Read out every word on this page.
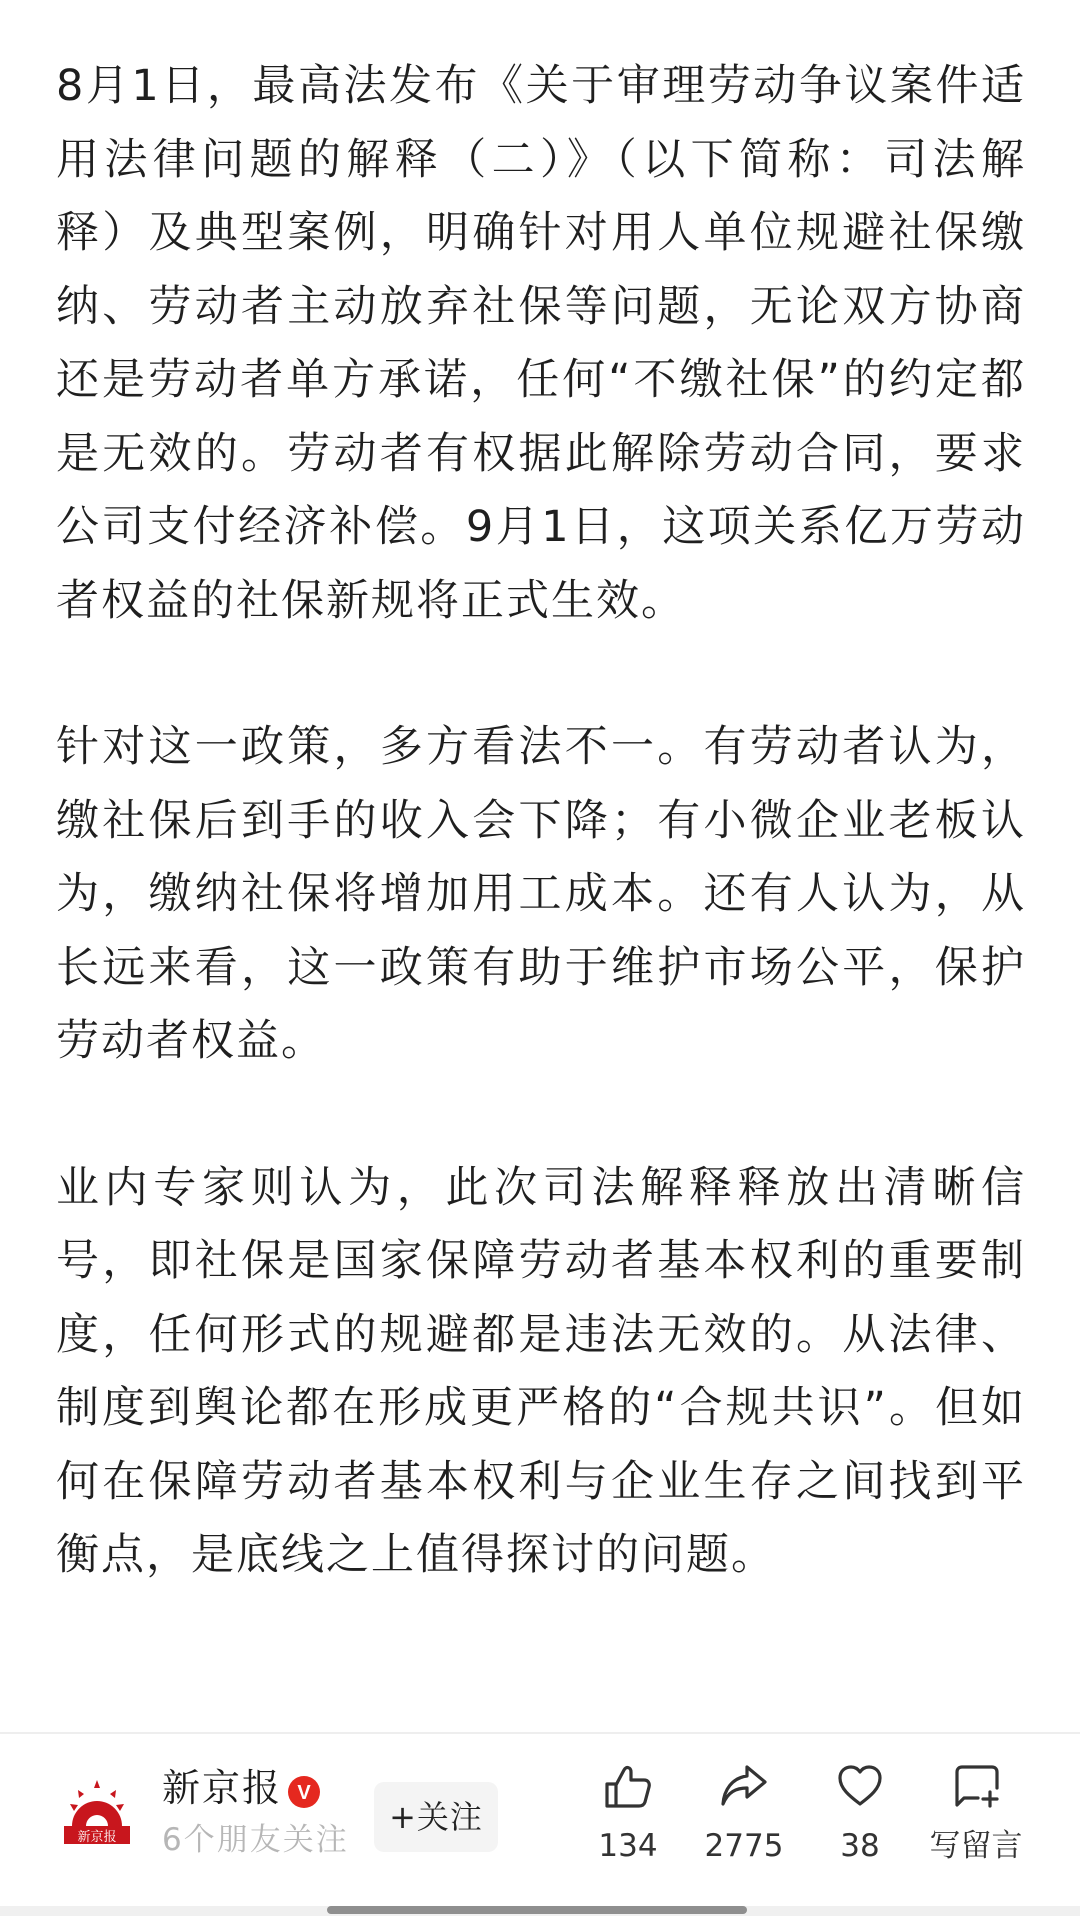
8月1日，最高法发布《关于审理劳动争议案件适用法律问题的解释（二）》（以下简称：司法解释）及典型案例，明确针对用人单位规避社保缴纳、劳动者主动放弃社保等问题，无论双方协商还是劳动者单方承诺，任何“不缴社保”的约定都是无效的。劳动者有权据此解除劳动合同，要求公司支付经济补偿。9月1日，这项关系亿万劳动者权益的社保新规将正式生效。

针对这一政策，多方看法不一。有劳动者认为，缴社保后到手的收入会下降；有小微企业老板认为，缴纳社保将增加用工成本。还有人认为，从长远来看，这一政策有助于维护市场公平，保护劳动者权益。

业内专家则认为，此次司法解释释放出清晰信号，即社保是国家保障劳动者基本权利的重要制度，任何形式的规避都是违法无效的。从法律、制度到舆论都在形成更严格的“合规共识”。但如何在保障劳动者基本权利与企业生存之间找到平衡点，是底线之上值得探讨的问题。

新京报
新京报 V
6个朋友关注
+关注
134	2775	38	写留言
